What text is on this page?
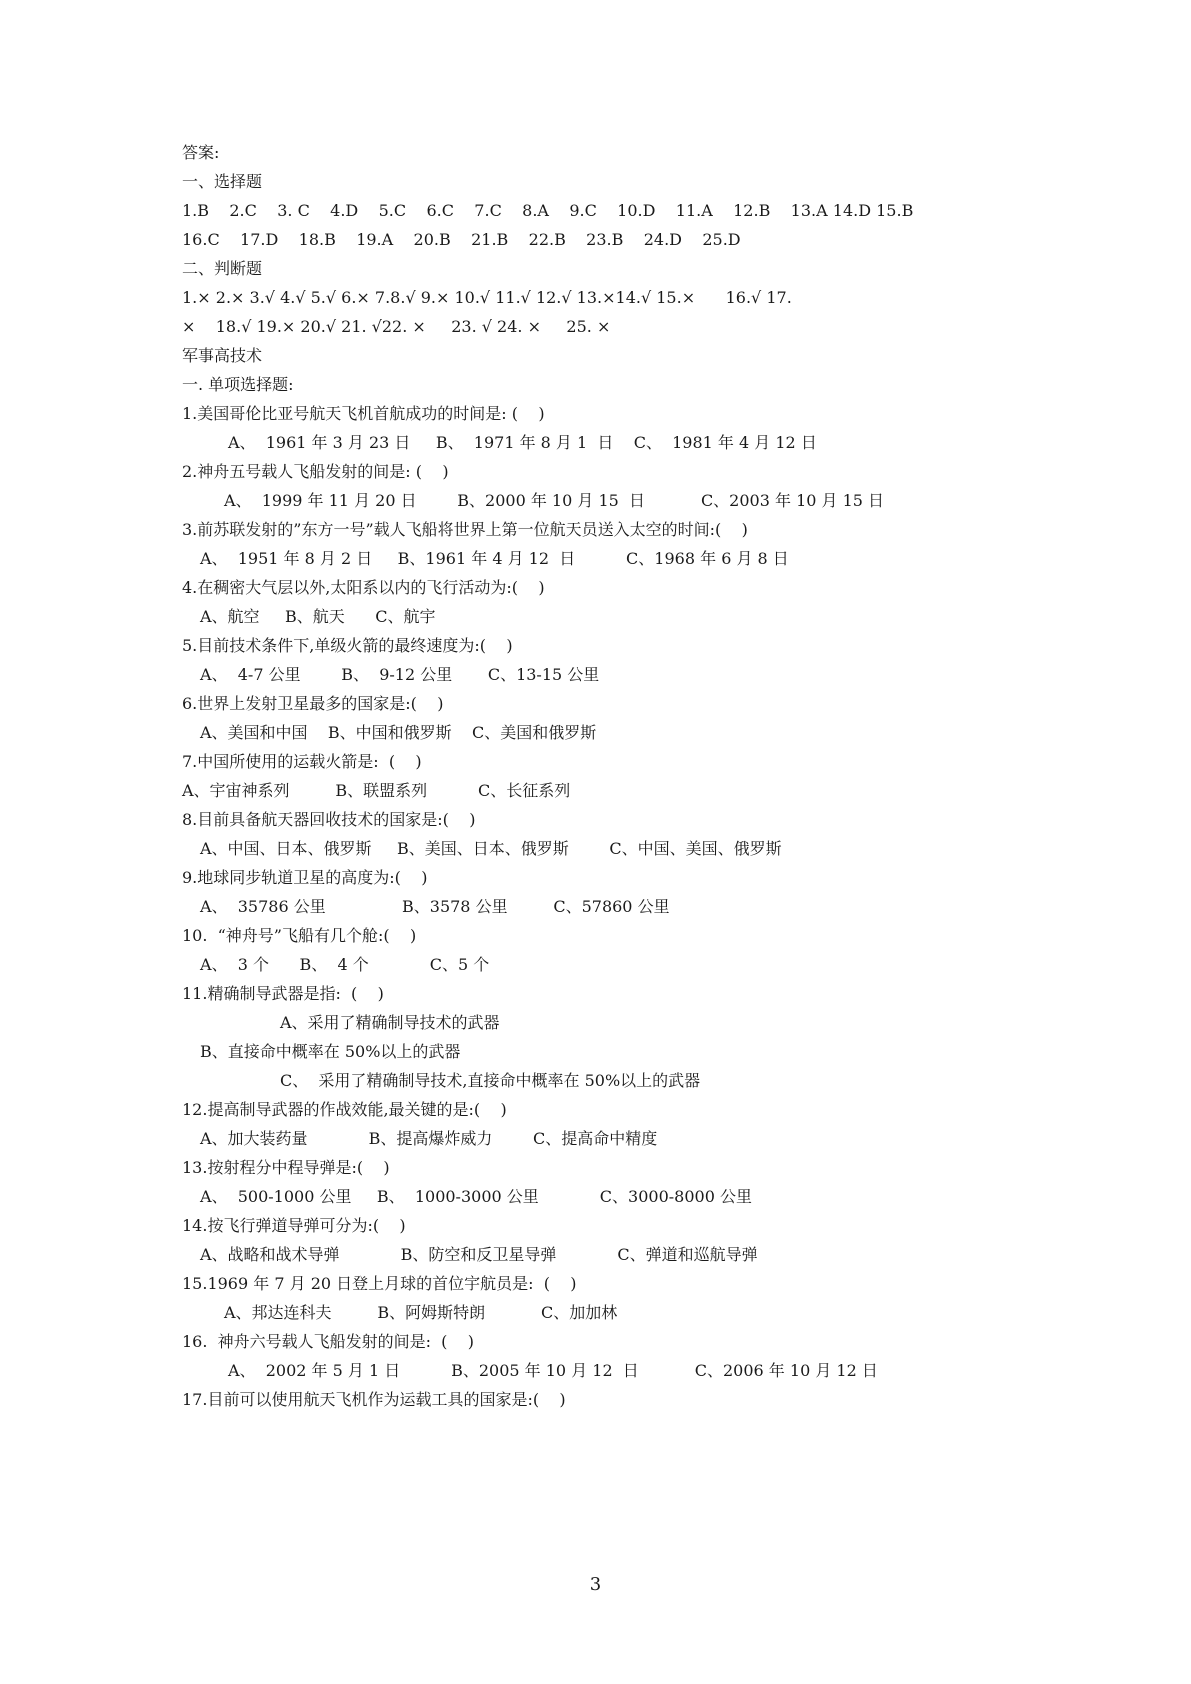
答案:
一、选择题
1.B    2.C    3. C    4.D    5.C    6.C    7.C    8.A    9.C    10.D    11.A    12.B    13.A 14.D 15.B
16.C    17.D    18.B    19.A    20.B    21.B    22.B    23.B    24.D    25.D
二、判断题
1.× 2.× 3.√ 4.√ 5.√ 6.× 7.8.√ 9.× 10.√ 11.√ 12.√ 13.×14.√ 15.×      16.√ 17.
×    18.√ 19.× 20.√ 21. √22. ×     23. √ 24. ×     25. ×
军事高技术
一. 单项选择题:
1.美国哥伦比亚号航天飞机首航成功的时间是: (    )
A、  1961 年 3 月 23 日     B、  1971 年 8 月 1  日    C、  1981 年 4 月 12 日
2.神舟五号载人飞船发射的间是: (    )
A、  1999 年 11 月 20 日        B、2000 年 10 月 15  日           C、2003 年 10 月 15 日
3.前苏联发射的”东方一号”载人飞船将世界上第一位航天员送入太空的时间:(    )
A、  1951 年 8 月 2 日     B、1961 年 4 月 12  日          C、1968 年 6 月 8 日
4.在稠密大气层以外,太阳系以内的飞行活动为:(    )
A、航空     B、航天      C、航宇
5.目前技术条件下,单级火箭的最终速度为:(    )
A、  4-7 公里        B、  9-12 公里       C、13-15 公里
6.世界上发射卫星最多的国家是:(    )
A、美国和中国    B、中国和俄罗斯    C、美国和俄罗斯
7.中国所使用的运载火箭是:  (    )
A、宇宙神系列         B、联盟系列          C、长征系列
8.目前具备航天器回收技术的国家是:(    )
A、中国、日本、俄罗斯     B、美国、日本、俄罗斯        C、中国、美国、俄罗斯
9.地球同步轨道卫星的高度为:(    )
A、  35786 公里               B、3578 公里         C、57860 公里
10.  “神舟号”飞船有几个舱:(    )
A、  3 个      B、  4 个            C、5 个
11.精确制导武器是指:  (    )
A、采用了精确制导技术的武器
B、直接命中概率在 50%以上的武器
C、  采用了精确制导技术,直接命中概率在 50%以上的武器
12.提高制导武器的作战效能,最关键的是:(    )
A、加大装药量            B、提高爆炸威力        C、提高命中精度
13.按射程分中程导弹是:(    )
A、  500-1000 公里     B、  1000-3000 公里            C、3000-8000 公里
14.按飞行弹道导弹可分为:(    )
A、战略和战术导弹            B、防空和反卫星导弹            C、弹道和巡航导弹
15.1969 年 7 月 20 日登上月球的首位宇航员是:  (    )
A、邦达连科夫         B、阿姆斯特朗           C、加加林
16.  神舟六号载人飞船发射的间是:  (    )
A、  2002 年 5 月 1 日          B、2005 年 10 月 12  日           C、2006 年 10 月 12 日
17.目前可以使用航天飞机作为运载工具的国家是:(    )
3
